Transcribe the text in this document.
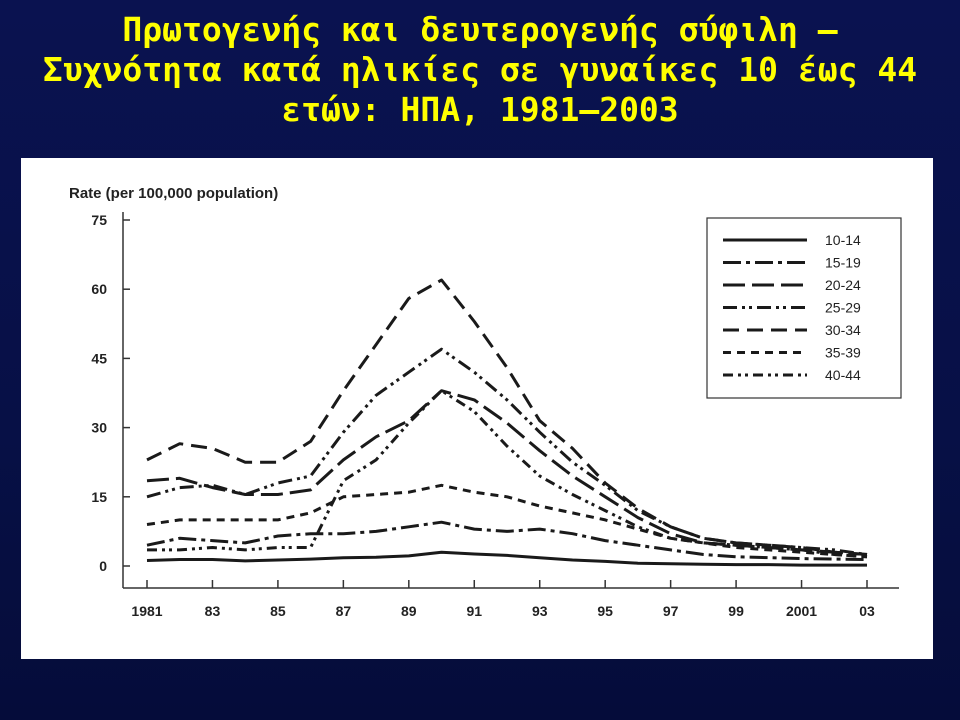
Πρωτογενής και δευτερογενής σύφιλη —
Συχνότητα κατά ηλικίες σε γυναίκες 10 έως 44
ετών: ΗΠΑ, 1981–2003
Rate (per 100,000 population)
0
15
30
45
60
75
1981	83	85	87	89	91	93	95	97	99	2001	03
10-14
15-19
20-24
25-29
30-34
35-39
40-44
